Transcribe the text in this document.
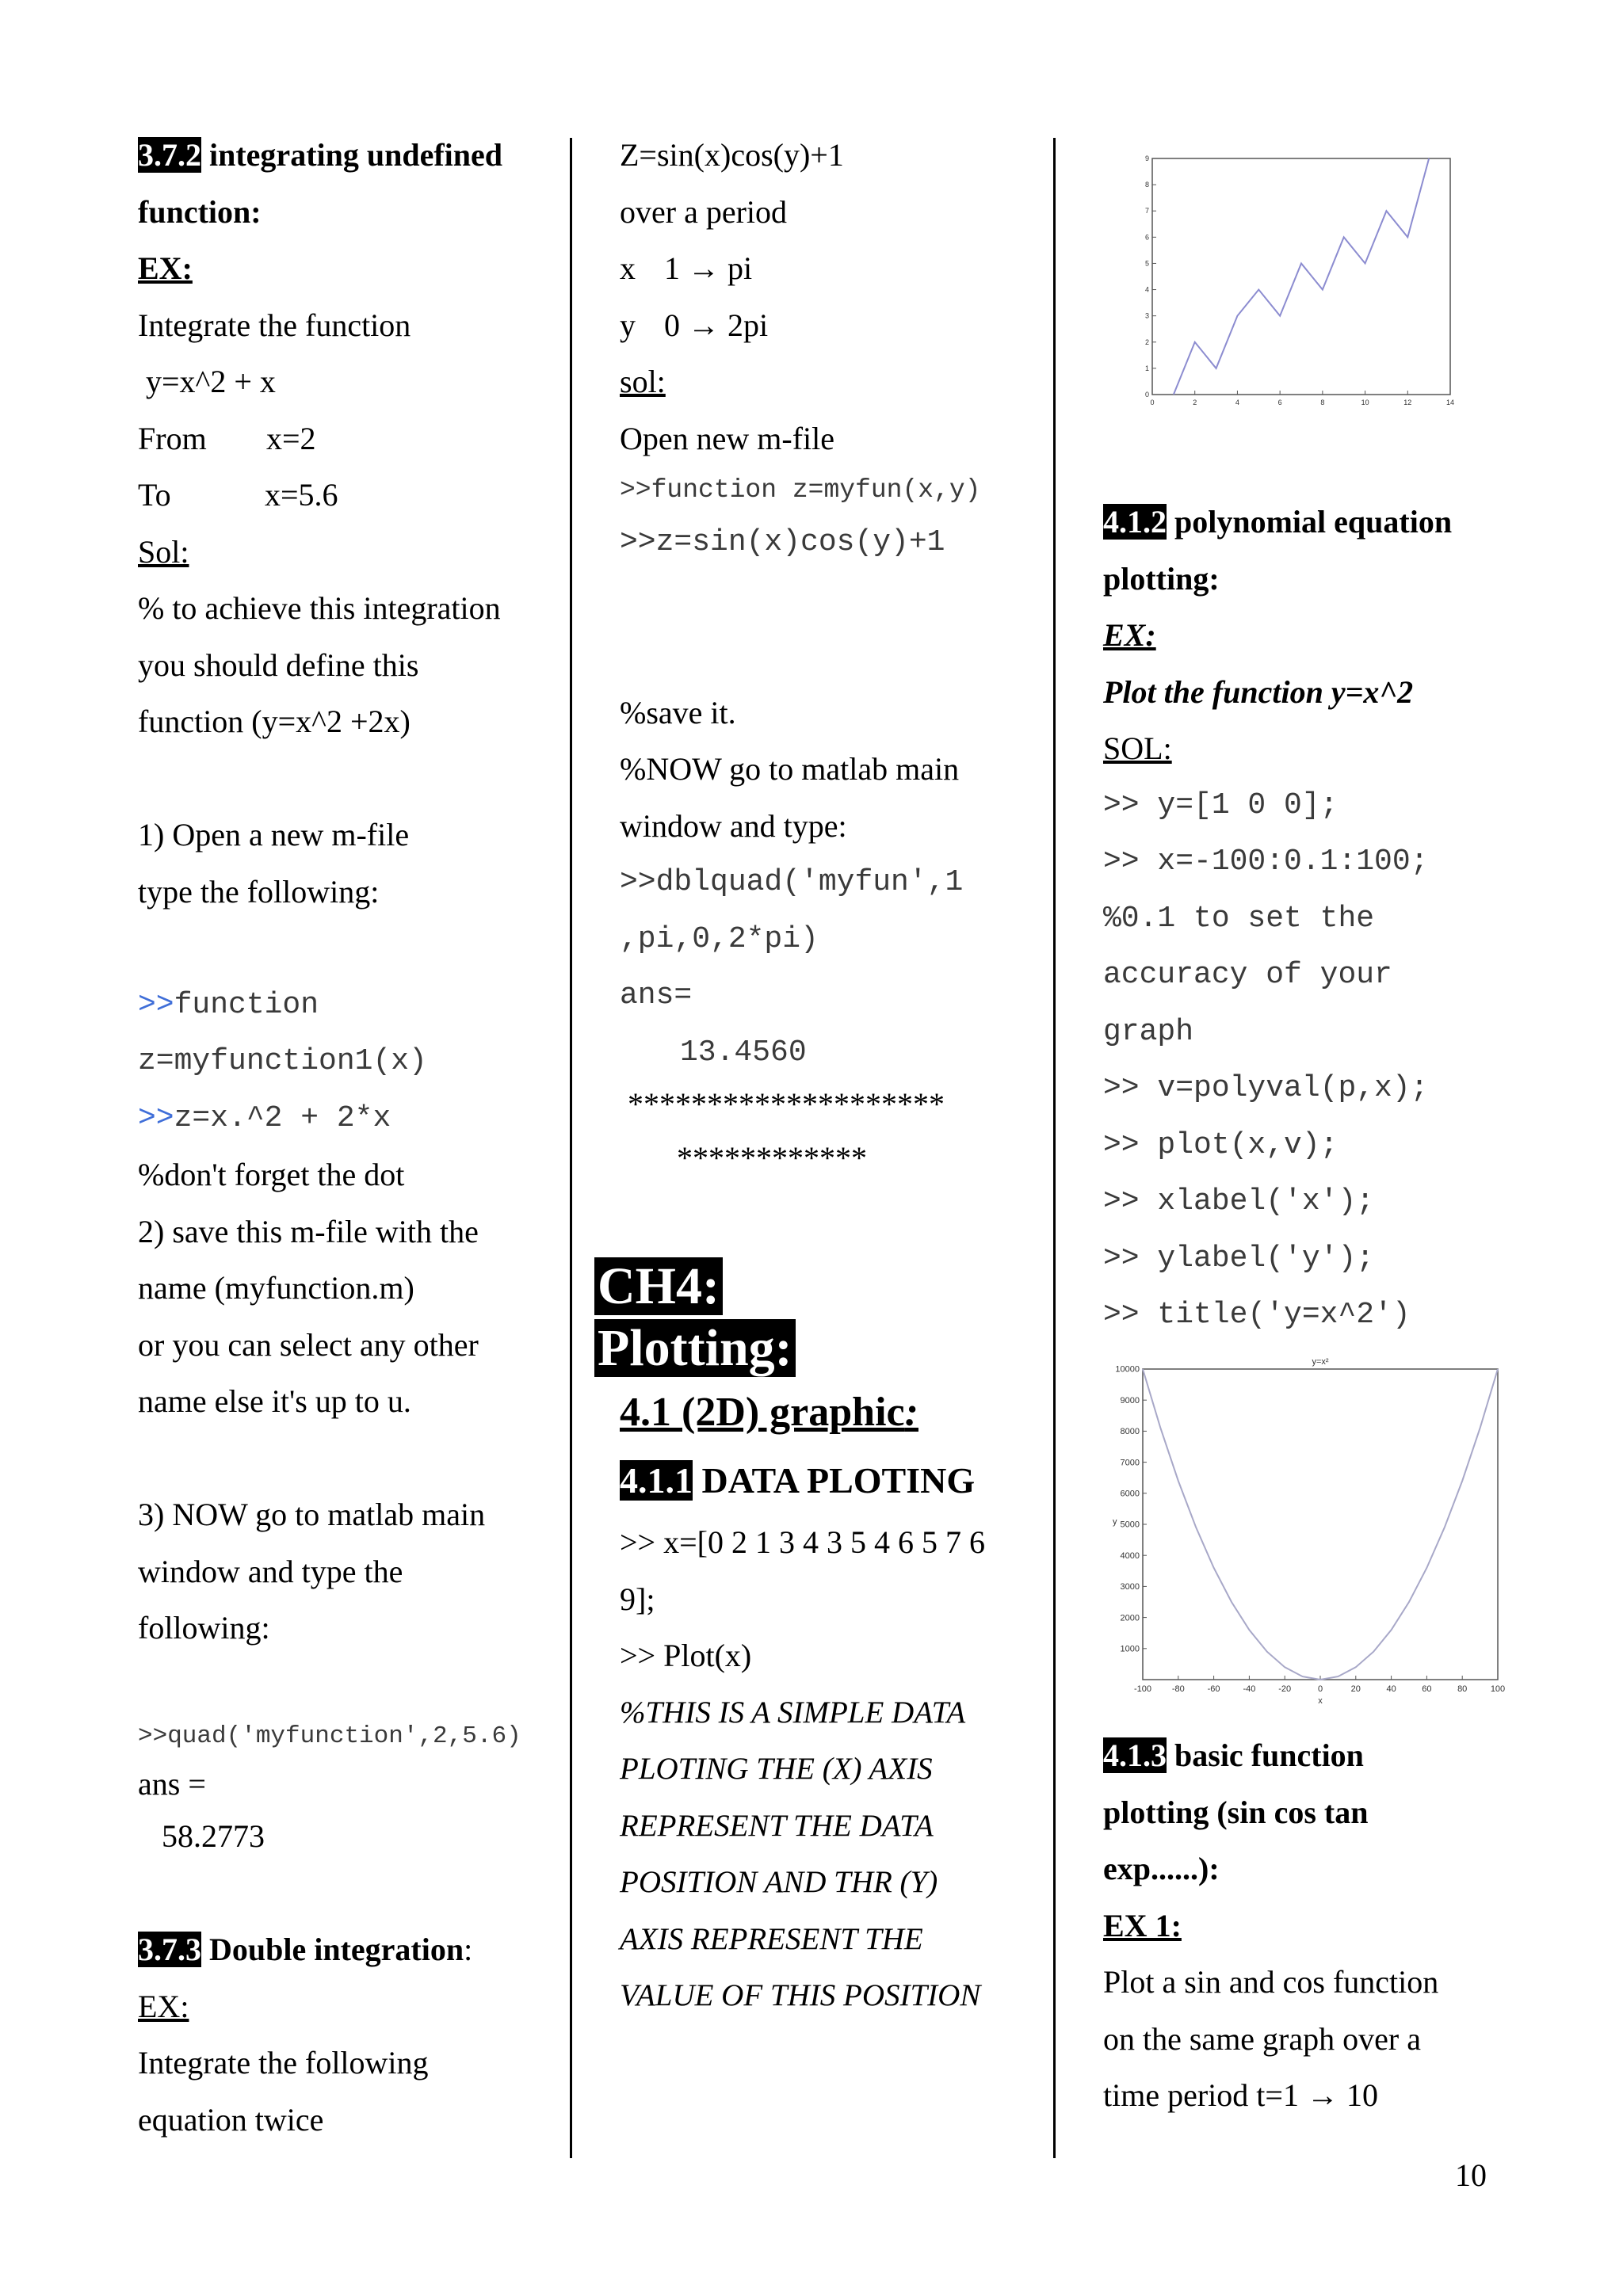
3.7.2 integrating undefined
function:
EX:
Integrate the function
y=x^2 + x
From x=2
To	x=5.6
Sol:
% to achieve this integration
you should define this
function (y=x^2 +2x)
1) Open a new m-file
type the following:
>>function
z=myfunction1(x)
>>z=x.^2 + 2*x
%don't forget the dot
2) save this m-file with the
name (myfunction.m)
or you can select any other
name else it's up to u.
3) NOW go to matlab main
window and type the
following:
>>quad('myfunction',2,5.6)
ans =
58.2773
3.7.3 Double integration:
EX:
Integrate the following
equation twice
Z=sin(x)cos(y)+1
over a period
x 1 → pi
y 0 → 2pi
sol:
Open new m-file
>>function z=myfun(x,y)
>>z=sin(x)cos(y)+1
%save it.
%NOW go to matlab main
window and type:
>>dblquad('myfun',1
,pi,0,2*pi)
ans=
13.4560
********************
************
CH4:
Plotting:
4.1 (2D) graphic:
4.1.1 DATA PLOTING
>> x=[0 2 1 3 4 3 5 4 6 5 7 6
9];
>> Plot(x)
%THIS IS A SIMPLE DATA
PLOTING THE (X) AXIS
REPRESENT THE DATA
POSITION AND THR (Y)
AXIS REPRESENT THE
VALUE OF THIS POSITION
0	2	4	6	8	10	12	14
0
1
2
3
4
5
6
7
8
9
4.1.2 polynomial equation
plotting:
EX:
Plot the function y=x^2
SOL:
>> y=[1 0 0];
>> x=-100:0.1:100;
%0.1 to set the
accuracy of your
graph
>> v=polyval(p,x);
>> plot(x,v);
>> xlabel('x');
>> ylabel('y');
>> title('y=x^2')
-100 -80	-60	-40	-20	0	20	40	60	80	100
1000
2000
3000
4000
5000
6000
7000
8000
9000
10000
y=x²
x
y
4.1.3 basic function
plotting (sin cos tan
exp......):
EX 1:
Plot a sin and cos function
on the same graph over a
time period t=1 → 10
10
